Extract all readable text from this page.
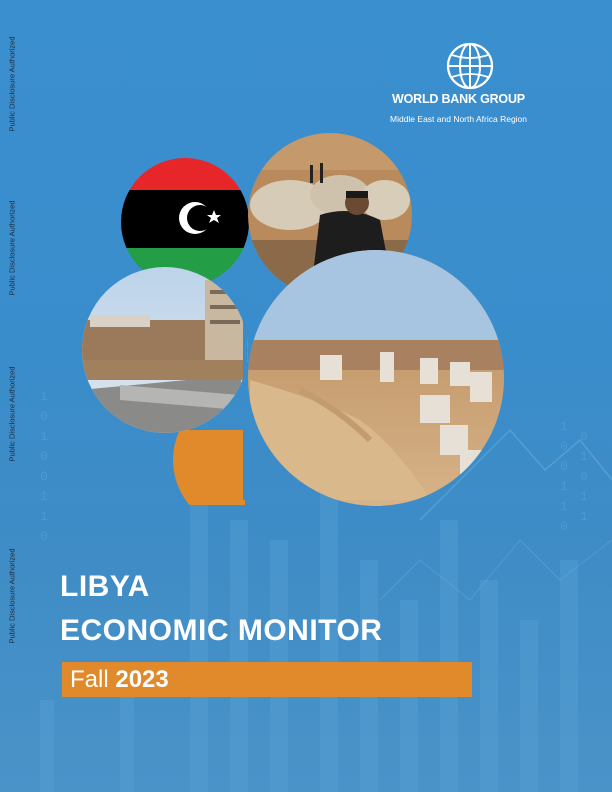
1
0
1
0
0
1
1
0
1
0
0
1
1
0
0
1
0
1
1
Public Disclosure Authorized
Public Disclosure Authorized
Public Disclosure Authorized
Public Disclosure Authorized
WORLD BANK GROUP
Middle East and North Africa Region
LIBYA
ECONOMIC MONITOR
Fall 2023
